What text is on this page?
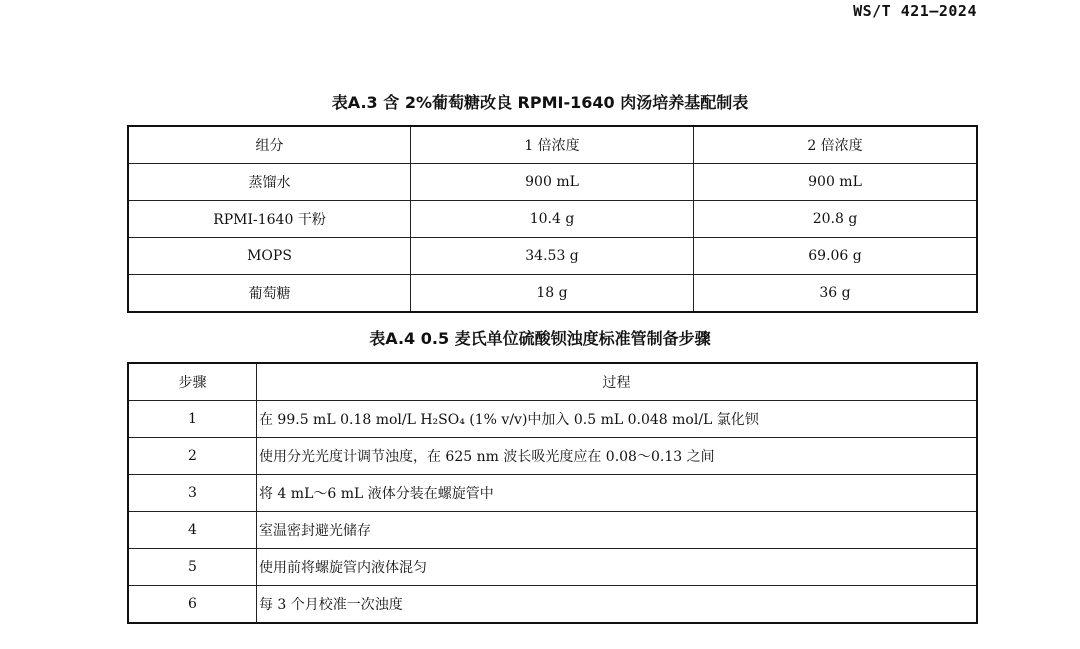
WS/T 421—2024
表A.3 含 2%葡萄糖改良 RPMI-1640 肉汤培养基配制表
组分	1 倍浓度	2 倍浓度
蒸馏水	900 mL	900 mL
RPMI-1640 干粉	10.4 g	20.8 g
MOPS	34.53 g	69.06 g
葡萄糖	18 g	36 g
表A.4 0.5 麦氏单位硫酸钡浊度标准管制备步骤
步骤	过程
1	在 99.5 mL 0.18 mol/L H₂SO₄ (1% v/v)中加入 0.5 mL 0.048 mol/L 氯化钡
2	使用分光光度计调节浊度，在 625 nm 波长吸光度应在 0.08～0.13 之间
3	将 4 mL～6 mL 液体分装在螺旋管中
4	室温密封避光储存
5	使用前将螺旋管内液体混匀
6	每 3 个月校准一次浊度
